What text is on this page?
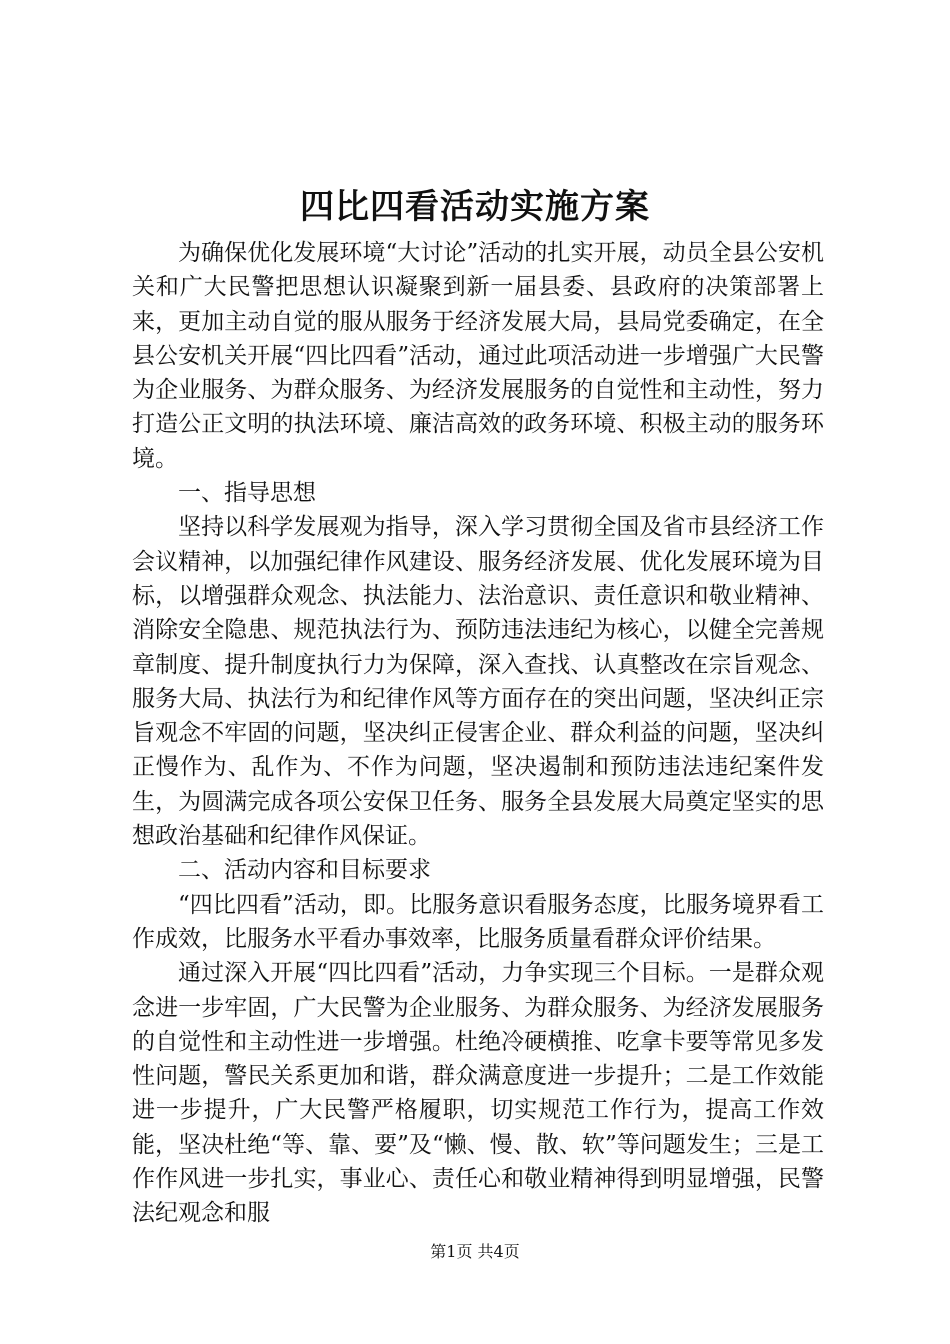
四比四看活动实施方案

为确保优化发展环境“大讨论”活动的扎实开展，动员全县公安机关和广大民警把思想认识凝聚到新一届县委、县政府的决策部署上来，更加主动自觉的服从服务于经济发展大局，县局党委确定，在全县公安机关开展“四比四看”活动，通过此项活动进一步增强广大民警为企业服务、为群众服务、为经济发展服务的自觉性和主动性，努力打造公正文明的执法环境、廉洁高效的政务环境、积极主动的服务环境。

一、指导思想

坚持以科学发展观为指导，深入学习贯彻全国及省市县经济工作会议精神，以加强纪律作风建设、服务经济发展、优化发展环境为目标，以增强群众观念、执法能力、法治意识、责任意识和敬业精神、消除安全隐患、规范执法行为、预防违法违纪为核心，以健全完善规章制度、提升制度执行力为保障，深入查找、认真整改在宗旨观念、服务大局、执法行为和纪律作风等方面存在的突出问题，坚决纠正宗旨观念不牢固的问题，坚决纠正侵害企业、群众利益的问题，坚决纠正慢作为、乱作为、不作为问题，坚决遏制和预防违法违纪案件发生，为圆满完成各项公安保卫任务、服务全县发展大局奠定坚实的思想政治基础和纪律作风保证。

二、活动内容和目标要求

“四比四看”活动，即。比服务意识看服务态度，比服务境界看工作成效，比服务水平看办事效率，比服务质量看群众评价结果。

通过深入开展“四比四看”活动，力争实现三个目标。一是群众观念进一步牢固，广大民警为企业服务、为群众服务、为经济发展服务的自觉性和主动性进一步增强。杜绝冷硬横推、吃拿卡要等常见多发性问题，警民关系更加和谐，群众满意度进一步提升；二是工作效能进一步提升，广大民警严格履职，切实规范工作行为，提高工作效能，坚决杜绝“等、靠、要”及“懒、慢、散、软”等问题发生；三是工作作风进一步扎实，事业心、责任心和敬业精神得到明显增强，民警法纪观念和服

第1页 共4页
